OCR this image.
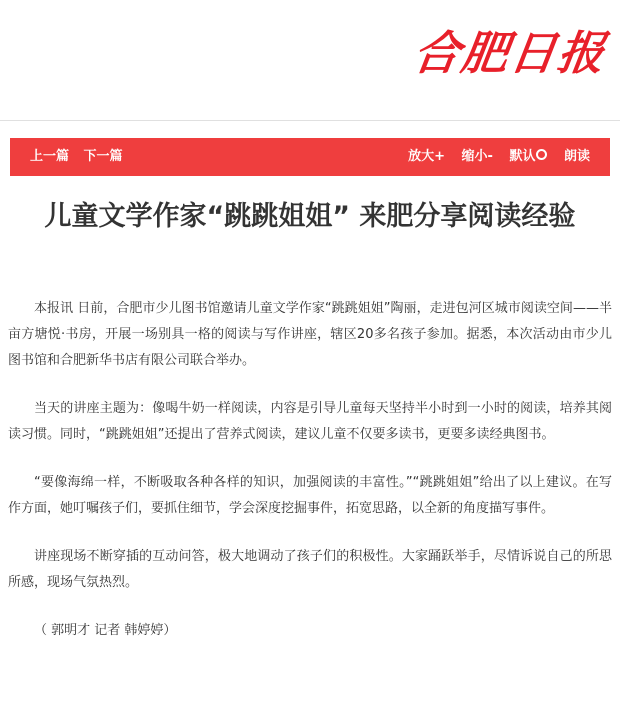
合肥日报
上一篇 下一篇	放大+ 缩小- 默认 朗读
儿童文学作家“跳跳姐姐” 来肥分享阅读经验

本报讯 日前，合肥市少儿图书馆邀请儿童文学作家“跳跳姐姐”陶丽，走进包河区城市阅读空间——半亩方塘悦·书房，开展一场别具一格的阅读与写作讲座，辖区20多名孩子参加。据悉，本次活动由市少儿图书馆和合肥新华书店有限公司联合举办。

当天的讲座主题为：像喝牛奶一样阅读，内容是引导儿童每天坚持半小时到一小时的阅读，培养其阅读习惯。同时，“跳跳姐姐”还提出了营养式阅读，建议儿童不仅要多读书，更要多读经典图书。

“要像海绵一样，不断吸取各种各样的知识，加强阅读的丰富性。”“跳跳姐姐”给出了以上建议。在写作方面，她叮嘱孩子们，要抓住细节，学会深度挖掘事件，拓宽思路，以全新的角度描写事件。

讲座现场不断穿插的互动问答，极大地调动了孩子们的积极性。大家踊跃举手，尽情诉说自己的所思所感，现场气氛热烈。

（ 郭明才 记者 韩婷婷）
